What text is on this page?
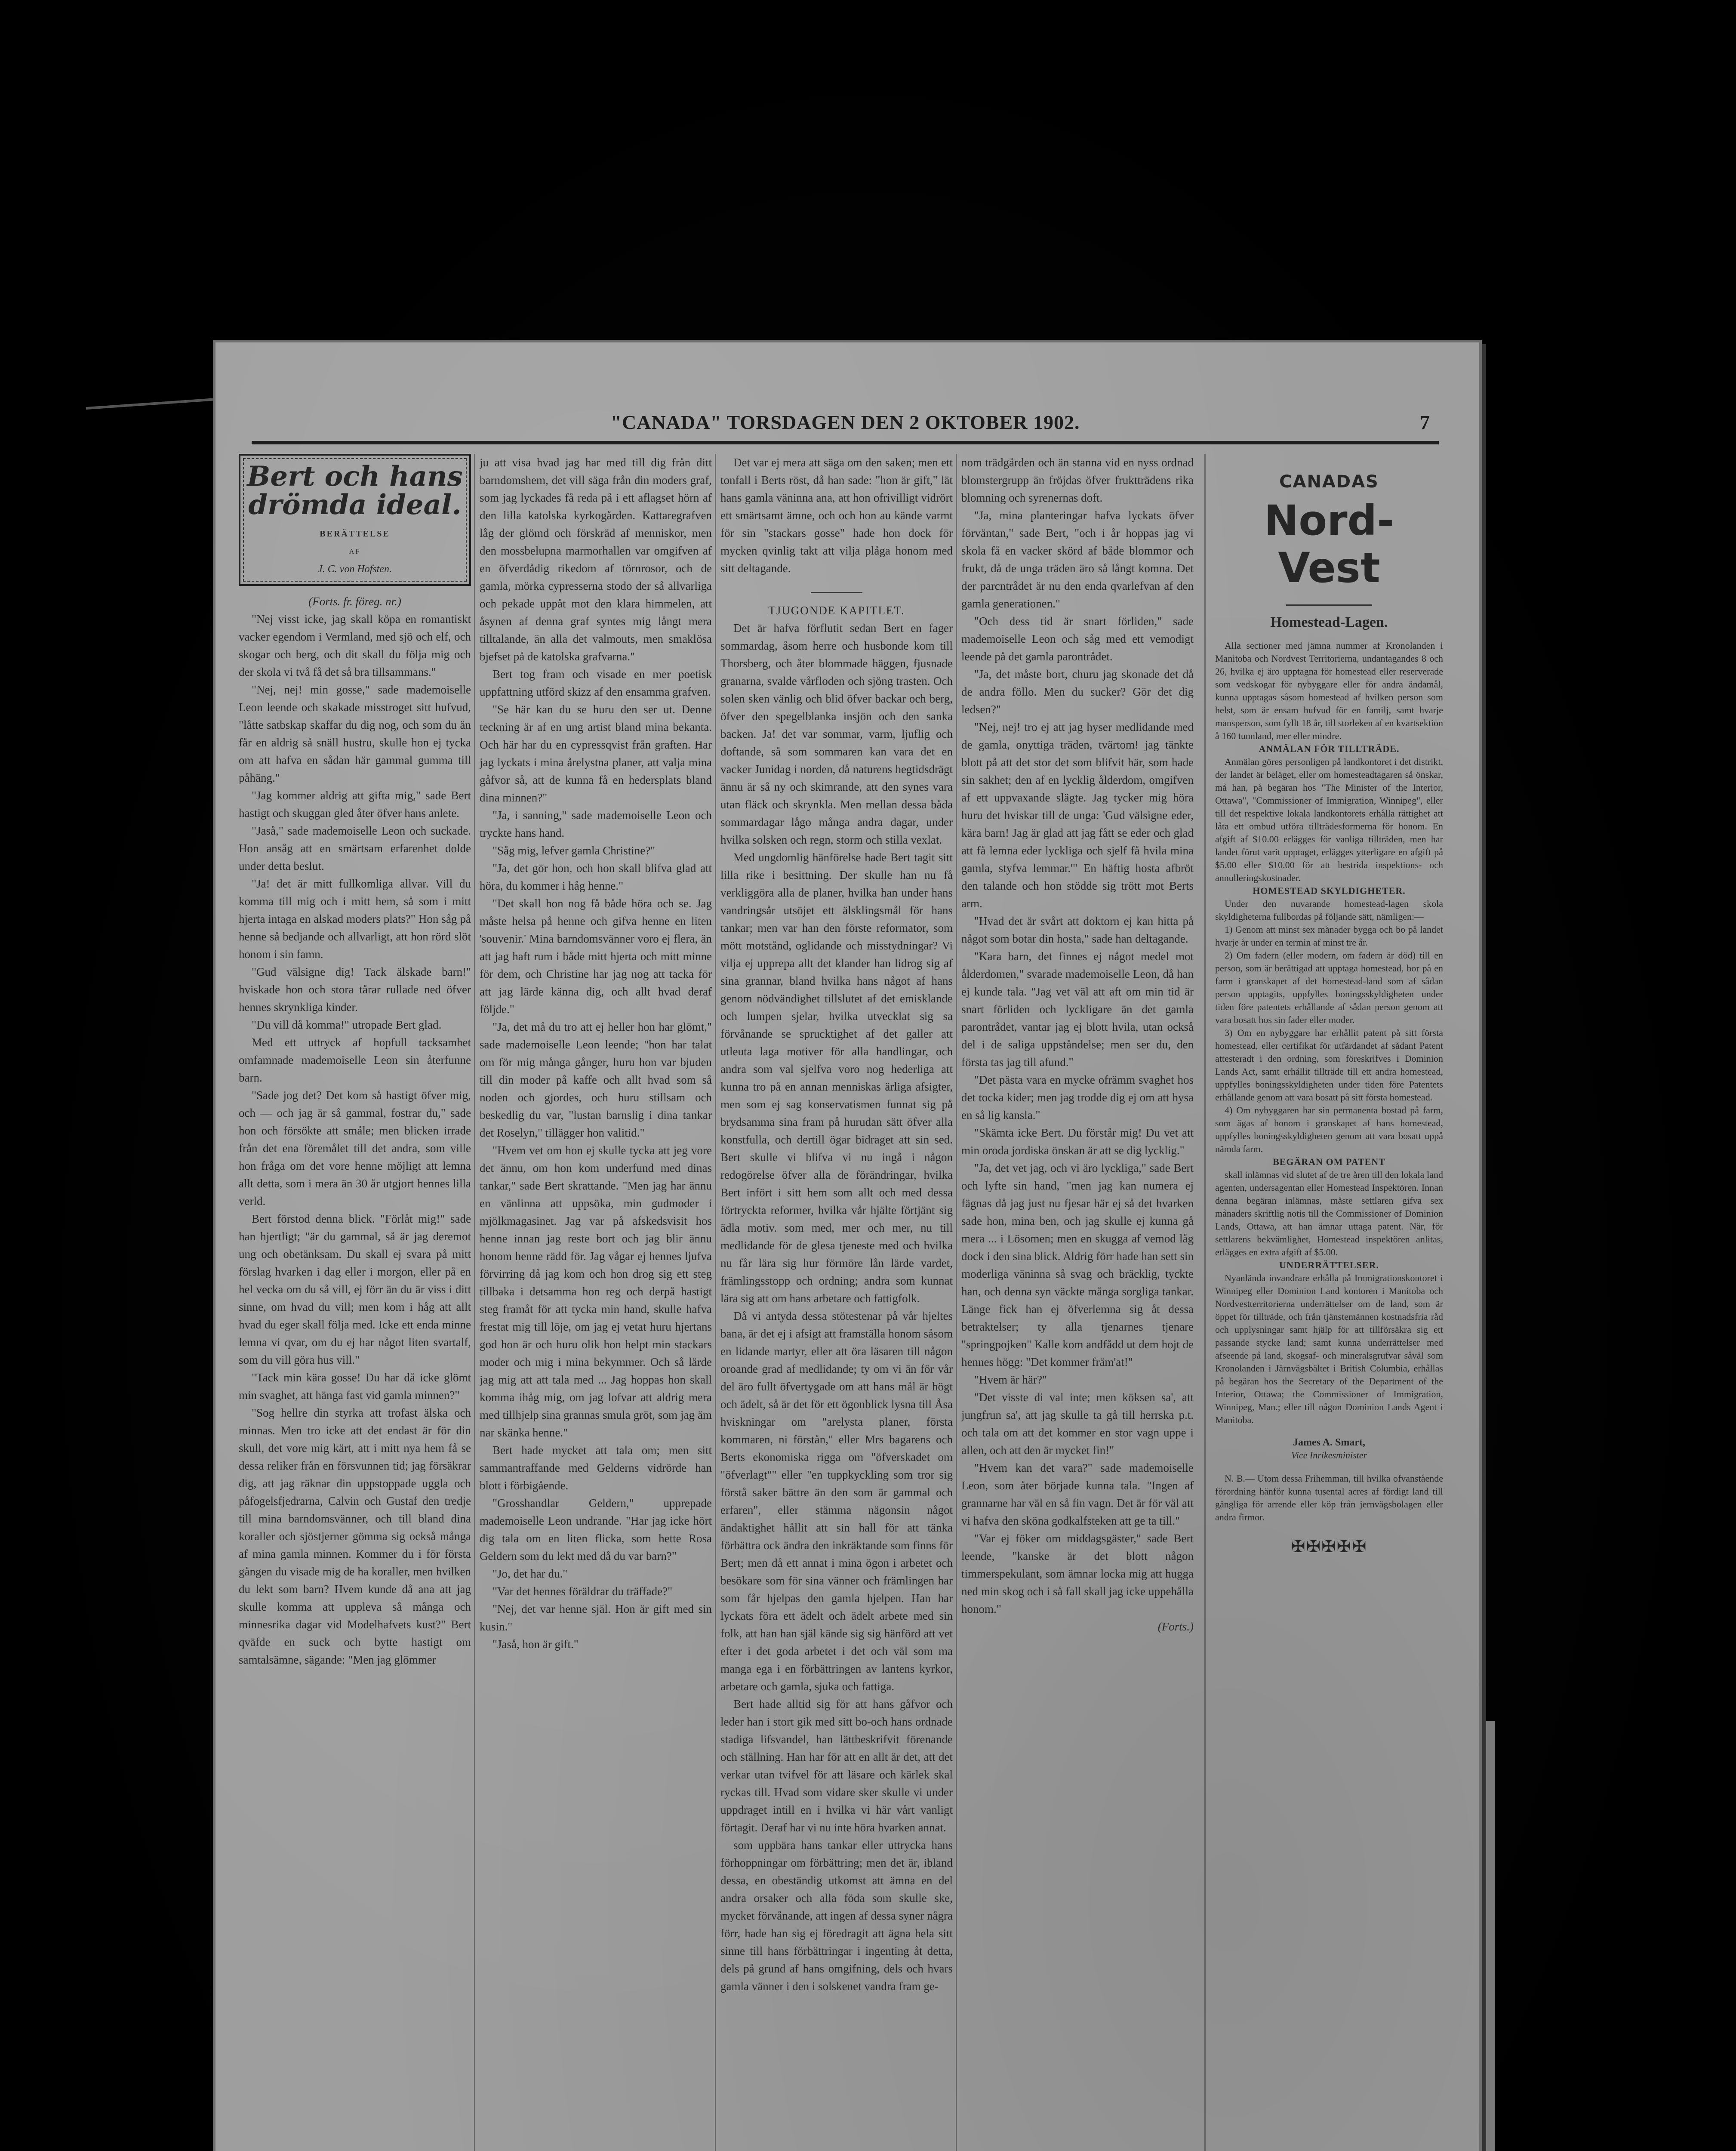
"CANADA" TORSDAGEN DEN 2 OKTOBER 1902.	7
Bert och hans drömda ideal.
BERÄTTELSE
AF
J. C. von Hofsten.

(Forts. fr. föreg. nr.)

"Nej visst icke, jag skall köpa en romantiskt vacker egendom i Vermland, med sjö och elf, och skogar och berg, och dit skall du följa mig och der skola vi två få det så bra tillsammans."

"Nej, nej! min gosse," sade mademoiselle Leon leende och skakade misstroget sitt hufvud, "låtte satbskap skaffar du dig nog, och som du än får en aldrig så snäll hustru, skulle hon ej tycka om att hafva en sådan här gammal gumma till påhäng."

"Jag kommer aldrig att gifta mig," sade Bert hastigt och skuggan gled åter öfver hans anlete.

"Jaså," sade mademoiselle Leon och suckade. Hon ansåg att en smärtsam erfarenhet dolde under detta beslut.

"Ja! det är mitt fullkomliga allvar. Vill du komma till mig och i mitt hem, så som i mitt hjerta intaga en alskad moders plats?" Hon såg på henne så bedjande och allvarligt, att hon rörd slöt honom i sin famn.

"Gud välsigne dig! Tack älskade barn!" hviskade hon och stora tårar rullade ned öfver hennes skrynkliga kinder.

"Du vill då komma!" utropade Bert glad.

Med ett uttryck af hopfull tacksamhet omfamnade mademoiselle Leon sin återfunne barn.

"Sade jog det? Det kom så hastigt öfver mig, och — och jag är så gammal, fostrar du," sade hon och försökte att småle; men blicken irrade från det ena föremålet till det andra, som ville hon fråga om det vore henne möjligt att lemna allt detta, som i mera än 30 år utgjort hennes lilla verld.

Bert förstod denna blick. "Förlåt mig!" sade han hjertligt; "är du gammal, så är jag deremot ung och obetänksam. Du skall ej svara på mitt förslag hvarken i dag eller i morgon, eller på en hel vecka om du så vill, ej förr än du är viss i ditt sinne, om hvad du vill; men kom i håg att allt hvad du eger skall följa med. Icke ett enda minne lemna vi qvar, om du ej har något liten svartalf, som du vill göra hus vill."

"Tack min kära gosse! Du har då icke glömt min svaghet, att hänga fast vid gamla minnen?"

"Sog hellre din styrka att trofast älska och minnas. Men tro icke att det endast är för din skull, det vore mig kärt, att i mitt nya hem få se dessa reliker från en försvunnen tid; jag försäkrar dig, att jag räknar din uppstoppade uggla och påfogelsfjedrarna, Calvin och Gustaf den tredje till mina barndomsvänner, och till bland dina koraller och sjöstjerner gömma sig också många af mina gamla minnen. Kommer du i för första gången du visade mig de ha koraller, men hvilken du lekt som barn? Hvem kunde då ana att jag skulle komma att uppleva så många och minnesrika dagar vid Modelhafvets kust?" Bert qväfde en suck och bytte hastigt om samtalsämne, sägande: "Men jag glömmer

ju att visa hvad jag har med till dig från ditt barndomshem, det vill säga från din moders graf, som jag lyckades få reda på i ett aflagset hörn af den lilla katolska kyrkogården. Kattaregrafven låg der glömd och förskräd af menniskor, men den mossbelupna marmorhallen var omgifven af en öfverdådig rikedom af törnrosor, och de gamla, mörka cypresserna stodo der så allvarliga och pekade uppåt mot den klara himmelen, att åsynen af denna graf syntes mig långt mera tilltalande, än alla det valmouts, men smaklösa bjefset på de katolska grafvarna."

Bert tog fram och visade en mer poetisk uppfattning utförd skizz af den ensamma grafven.

"Se här kan du se huru den ser ut. Denne teckning är af en ung artist bland mina bekanta. Och här har du en cypressqvist från graften. Har jag lyckats i mina årelystna planer, att valja mina gåfvor så, att de kunna få en hedersplats bland dina minnen?"

"Ja, i sanning," sade mademoiselle Leon och tryckte hans hand.

"Såg mig, lefver gamla Christine?"

"Ja, det gör hon, och hon skall blifva glad att höra, du kommer i håg henne."

"Det skall hon nog få både höra och se. Jag måste helsa på henne och gifva henne en liten 'souvenir.' Mina barndomsvänner voro ej flera, än att jag haft rum i både mitt hjerta och mitt minne för dem, och Christine har jag nog att tacka för att jag lärde känna dig, och allt hvad deraf följde."

"Ja, det må du tro att ej heller hon har glömt," sade mademoiselle Leon leende; "hon har talat om för mig många gånger, huru hon var bjuden till din moder på kaffe och allt hvad som så noden och gjordes, och huru stillsam och beskedlig du var, "lustan barnslig i dina tankar det Roselyn," tillägger hon valitid."

"Hvem vet om hon ej skulle tycka att jeg vore det ännu, om hon kom underfund med dinas tankar," sade Bert skrattande. "Men jag har ännu en vänlinna att uppsöka, min gudmoder i mjölkmagasinet. Jag var på afskedsvisit hos henne innan jag reste bort och jag blir ännu honom henne rädd för. Jag vågar ej hennes ljufva förvirring då jag kom och hon drog sig ett steg tillbaka i detsamma hon reg och derpå hastigt steg framåt för att tycka min hand, skulle hafva frestat mig till löje, om jag ej vetat huru hjertans god hon är och huru olik hon helpt min stackars moder och mig i mina bekymmer. Och så lärde jag mig att att tala med ... Jag hoppas hon skall komma ihåg mig, om jag lofvar att aldrig mera med tillhjelp sina grannas smula gröt, som jag äm nar skänka henne."

Bert hade mycket att tala om; men sitt sammantraffande med Gelderns vidrörde han blott i förbigående.

"Grosshandlar Geldern," upprepade mademoiselle Leon undrande. "Har jag icke hört dig tala om en liten flicka, som hette Rosa Geldern som du lekt med då du var barn?"

"Jo, det har du."

"Var det hennes föräldrar du träffade?"

"Nej, det var henne själ. Hon är gift med sin kusin."

"Jaså, hon är gift."

Det var ej mera att säga om den saken; men ett tonfall i Berts röst, då han sade: "hon är gift," lät hans gamla väninna ana, att hon ofrivilligt vidrört ett smärtsamt ämne, och och hon au kände varmt för sin "stackars gosse" hade hon dock för mycken qvinlig takt att vilja plåga honom med sitt deltagande.

TJUGONDE KAPITLET.

Det är hafva förflutit sedan Bert en fager sommardag, åsom herre och husbonde kom till Thorsberg, och åter blommade häggen, fjusnade granarna, svalde vårfloden och sjöng trasten. Och solen sken vänlig och blid öfver backar och berg, öfver den spegelblanka insjön och den sanka backen. Ja! det var sommar, varm, ljuflig och doftande, så som sommaren kan vara det en vacker Junidag i norden, då naturens hegtidsdrägt ännu är så ny och skimrande, att den synes vara utan fläck och skrynkla. Men mellan dessa båda sommardagar lågo många andra dagar, under hvilka solsken och regn, storm och stilla vexlat.

Med ungdomlig hänförelse hade Bert tagit sitt lilla rike i besittning. Der skulle han nu få verkliggöra alla de planer, hvilka han under hans vandringsår utsöjet ett älsklingsmål för hans tankar; men var han den förste reformator, som mött motstånd, oglidande och misstydningar? Vi vilja ej upprepa allt det klander han lidrog sig af sina grannar, bland hvilka hans något af hans genom nödvändighet tillslutet af det emisklande och lumpen sjelar, hvilka utvecklat sig sa förvånande se sprucktighet af det galler att utleuta laga motiver för alla handlingar, och andra som val sjelfva voro nog hederliga att kunna tro på en annan menniskas ärliga afsigter, men som ej sag konservatismen funnat sig på brydsamma sina fram på hurudan sätt öfver alla konstfulla, och dertill ögar bidraget att sin sed. Bert skulle vi blifva vi nu ingå i någon redogörelse öfver alla de förändringar, hvilka Bert infört i sitt hem som allt och med dessa förtryckta reformer, hvilka vår hjälte förtjänt sig ädla motiv. som med, mer och mer, nu till medlidande för de glesa tjeneste med och hvilka nu får lära sig hur förmöre lån lärde vardet, främlingsstopp och ordning; andra som kunnat lära sig att om hans arbetare och fattigfolk.

Då vi antyda dessa stötestenar på vår hjeltes bana, är det ej i afsigt att framställa honom såsom en lidande martyr, eller att öra läsaren till någon oroande grad af medlidande; ty om vi än för vår del äro fullt öfvertygade om att hans mål är högt och ädelt, så är det för ett ögonblick lysna till Åsa hviskningar om "arelysta planer, första kommaren, ni förstån," eller Mrs bagarens och Berts ekonomiska rigga om "öfverskadet om "öfverlagt"" eller "en tuppkyckling som tror sig förstå saker bättre än den som är gammal och erfaren", eller stämma nägonsin något ändaktighet hållit att sin hall för att tänka förbättra ock ändra den inkräktande som finns för Bert; men då ett annat i mina ögon i arbetet och besökare som för sina vänner och främlingen har som får hjelpas den gamla hjelpen. Han har lyckats föra ett ädelt och ädelt arbete med sin folk, att han han själ kände sig sig hänförd att vet efter i det goda arbetet i det och väl som ma manga ega i en förbättringen av lantens kyrkor, arbetare och gamla, sjuka och fattiga.

Bert hade alltid sig för att hans gåfvor och leder han i stort gik med sitt bo-och hans ordnade stadiga lifsvandel, han lättbeskrifvit förenande och ställning. Han har för att en allt är det, att det verkar utan tvifvel för att läsare och kärlek skal ryckas till. Hvad som vidare sker skulle vi under uppdraget intill en i hvilka vi här vårt vanligt förtagit. Deraf har vi nu inte höra hvarken annat.

som uppbära hans tankar eller uttrycka hans förhoppningar om förbättring; men det är, ibland dessa, en obeständig utkomst att ämna en del andra orsaker och alla föda som skulle ske, mycket förvånande, att ingen af dessa syner några förr, hade han sig ej föredragit att ägna hela sitt sinne till hans förbättringar i ingenting åt detta, dels på grund af hans omgifning, dels och hvars gamla vänner i den i solskenet vandra fram ge-

nom trädgården och än stanna vid en nyss ordnad blomstergrupp än fröjdas öfver fruktträdens rika blomning och syrenernas doft.

"Ja, mina planteringar hafva lyckats öfver förväntan," sade Bert, "och i år hoppas jag vi skola få en vacker skörd af både blommor och frukt, då de unga träden äro så långt komna. Det der parcntrådet är nu den enda qvarlefvan af den gamla generationen."

"Och dess tid är snart förliden," sade mademoiselle Leon och såg med ett vemodigt leende på det gamla parontrådet.

"Ja, det måste bort, churu jag skonade det då de andra föllo. Men du sucker? Gör det dig ledsen?"

"Nej, nej! tro ej att jag hyser medlidande med de gamla, onyttiga träden, tvärtom! jag tänkte blott på att det stor det som blifvit här, som hade sin sakhet; den af en lycklig ålderdom, omgifven af ett uppvaxande slägte. Jag tycker mig höra huru det hviskar till de unga: 'Gud välsigne eder, kära barn! Jag är glad att jag fått se eder och glad att få lemna eder lyckliga och sjelf få hvila mina gamla, styfva lemmar.'" En häftig hosta afbröt den talande och hon stödde sig trött mot Berts arm.

"Hvad det är svårt att doktorn ej kan hitta på något som botar din hosta," sade han deltagande.

"Kara barn, det finnes ej något medel mot ålderdomen," svarade mademoiselle Leon, då han ej kunde tala. "Jag vet väl att aft om min tid är snart förliden och lyckligare än det gamla parontrådet, vantar jag ej blott hvila, utan också del i de saliga uppståndelse; men ser du, den första tas jag till afund."

"Det pästa vara en mycke ofrämm svaghet hos det tocka kider; men jag trodde dig ej om att hysa en så lig kansla."

"Skämta icke Bert. Du förstår mig! Du vet att min oroda jordiska önskan är att se dig lycklig."

"Ja, det vet jag, och vi äro lyckliga," sade Bert och lyfte sin hand, "men jag kan numera ej fägnas då jag just nu fjesar här ej så det hvarken sade hon, mina ben, och jag skulle ej kunna gå mera ... i Lösomen; men en skugga af vemod låg dock i den sina blick. Aldrig förr hade han sett sin moderliga väninna så svag och bräcklig, tyckte han, och denna syn väckte många sorgliga tankar. Länge fick han ej öfverlemna sig åt dessa betraktelser; ty alla tjenarnes tjenare "springpojken" Kalle kom andfådd ut dem hojt de hennes högg: "Det kommer främ'at!"

"Hvem är här?"

"Det visste di val inte; men köksen sa', att jungfrun sa', att jag skulle ta gå till herrska p.t. och tala om att det kommer en stor vagn uppe i allen, och att den är mycket fin!"

"Hvem kan det vara?" sade mademoiselle Leon, som åter började kunna tala. "Ingen af grannarne har väl en så fin vagn. Det är för väl att vi hafva den sköna godkalfsteken att ge ta till."

"Var ej föker om middagsgäster," sade Bert leende, "kanske är det blott någon timmerspekulant, som ämnar locka mig att hugga ned min skog och i så fall skall jag icke uppehålla honom."

(Forts.)

CANADAS
Nord-Vest
Homestead-Lagen.

Alla sectioner med jämna nummer af Kronolanden i Manitoba och Nordvest Territorierna, undantagandes 8 och 26, hvilka ej äro upptagna för homestead eller reserverade som vedskogar för nybyggare eller för andra ändamål, kunna upptagas såsom homestead af hvilken person som helst, som är ensam hufvud för en familj, samt hvarje mansperson, som fyllt 18 år, till storleken af en kvartsektion å 160 tunnland, mer eller mindre.

ANMÄLAN FÖR TILLTRÄDE.

Anmälan göres personligen på landkontoret i det distrikt, der landet är beläget, eller om homesteadtagaren så önskar, må han, på begäran hos "The Minister of the Interior, Ottawa", "Commissioner of Immigration, Winnipeg", eller till det respektive lokala landkontorets erhålla rättighet att låta ett ombud utföra tillträdesformerna för honom. En afgift af $10.00 erlägges för vanliga tillträden, men har landet förut varit upptaget, erlägges ytterligare en afgift på $5.00 eller $10.00 för att bestrida inspektions- och annulleringskostnader.

HOMESTEAD SKYLDIGHETER.

Under den nuvarande homestead-lagen skola skyldigheterna fullbordas på följande sätt, nämligen:—

1) Genom att minst sex månader bygga och bo på landet hvarje år under en termin af minst tre år.

2) Om fadern (eller modern, om fadern är död) till en person, som är berättigad att upptaga homestead, bor på en farm i granskapet af det homestead-land som af sådan person upptagits, uppfylles boningsskyldigheten under tiden före patentets erhållande af sådan person genom att vara bosatt hos sin fader eller moder.

3) Om en nybyggare har erhållit patent på sitt första homestead, eller certifikat för utfärdandet af sådant Patent attesteradt i den ordning, som föreskrifves i Dominion Lands Act, samt erhållit tillträde till ett andra homestead, uppfylles boningsskyldigheten under tiden före Patentets erhållande genom att vara bosatt på sitt första homestead.

4) Om nybyggaren har sin permanenta bostad på farm, som ägas af honom i granskapet af hans homestead, uppfylles boningsskyldigheten genom att vara bosatt uppå nämda farm.

BEGÄRAN OM PATENT

skall inlämnas vid slutet af de tre åren till den lokala land agenten, undersagentan eller Homestead Inspektören. Innan denna begäran inlämnas, måste settlaren gifva sex månaders skriftlig notis till the Commissioner of Dominion Lands, Ottawa, att han ämnar uttaga patent. När, för settlarens bekvämlighet, Homestead inspektören anlitas, erlägges en extra afgift af $5.00.

UNDERRÄTTELSER.

Nyanlända invandrare erhålla på Immigrationskontoret i Winnipeg eller Dominion Land kontoren i Manitoba och Nordvestterritorierna underrättelser om de land, som är öppet för tillträde, och från tjänstemännen kostnadsfria råd och upplysningar samt hjälp för att tillförsäkra sig ett passande stycke land; samt kunna underrättelser med afseende på land, skogsaf- och mineralsgrufvar såväl som Kronolanden i Järnvägsbältet i British Columbia, erhållas på begäran hos the Secretary of the Department of the Interior, Ottawa; the Commissioner of Immigration, Winnipeg, Man.; eller till någon Dominion Lands Agent i Manitoba.

James A. Smart,
Vice Inrikesminister

N. B.— Utom dessa Frihemman, till hvilka ofvanstående förordning hänför kunna tusental acres af fördigt land till gängliga för arrende eller köp från jernvägsbolagen eller andra firmor.

✠✠✠✠✠
